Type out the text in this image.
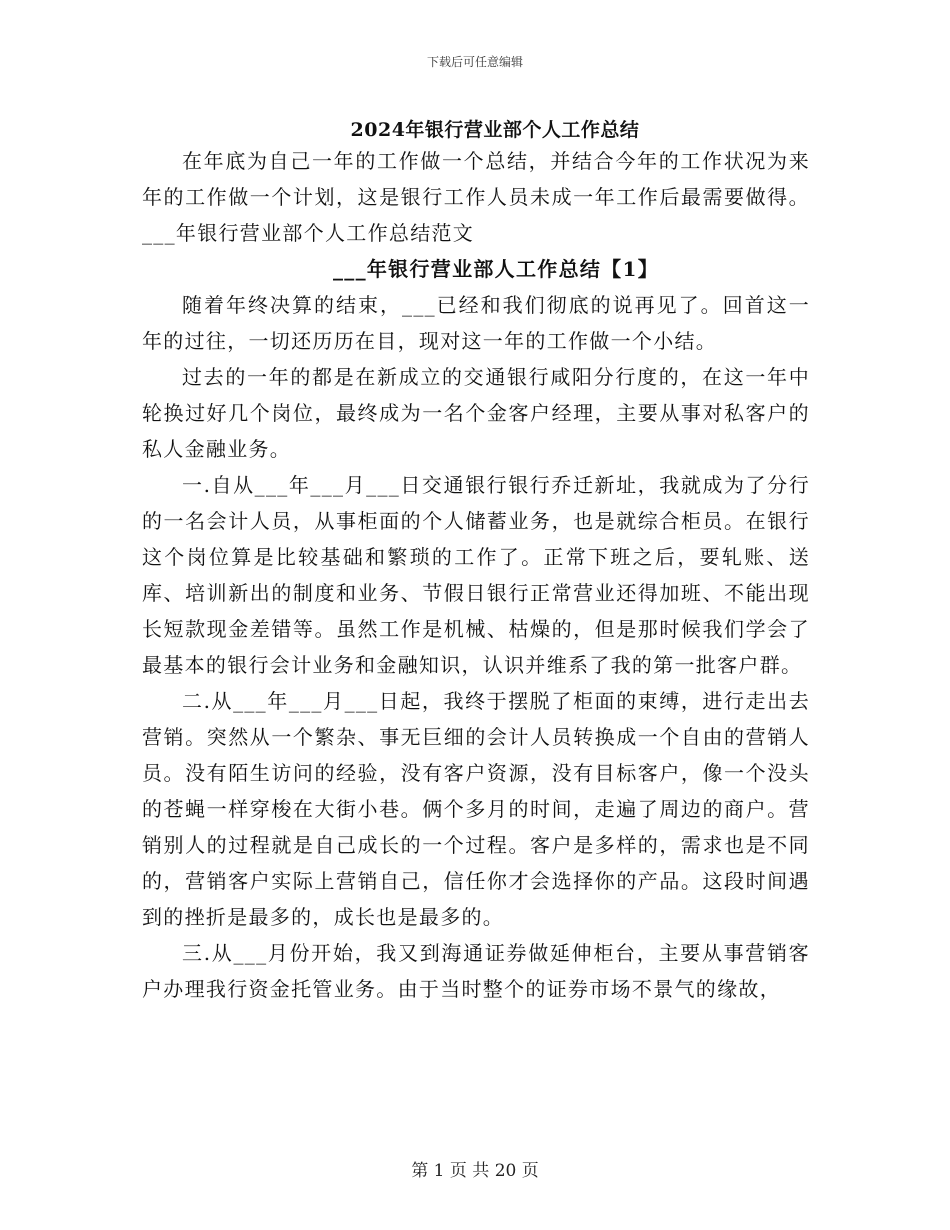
下载后可任意编辑
2024年银行营业部个人工作总结

在年底为自己一年的工作做一个总结，并结合今年的工作状况为来年的工作做一个计划，这是银行工作人员未成一年工作后最需要做得。___年银行营业部个人工作总结范文

___年银行营业部人工作总结【1】

随着年终决算的结束，___已经和我们彻底的说再见了。回首这一年的过往，一切还历历在目，现对这一年的工作做一个小结。

过去的一年的都是在新成立的交通银行咸阳分行度的，在这一年中轮换过好几个岗位，最终成为一名个金客户经理，主要从事对私客户的私人金融业务。

一.自从___年___月___日交通银行银行乔迁新址，我就成为了分行的一名会计人员，从事柜面的个人储蓄业务，也是就综合柜员。在银行这个岗位算是比较基础和繁琐的工作了。正常下班之后，要轧账、送库、培训新出的制度和业务、节假日银行正常营业还得加班、不能出现长短款现金差错等。虽然工作是机械、枯燥的，但是那时候我们学会了最基本的银行会计业务和金融知识，认识并维系了我的第一批客户群。

二.从___年___月___日起，我终于摆脱了柜面的束缚，进行走出去营销。突然从一个繁杂、事无巨细的会计人员转换成一个自由的营销人员。没有陌生访问的经验，没有客户资源，没有目标客户，像一个没头的苍蝇一样穿梭在大街小巷。俩个多月的时间，走遍了周边的商户。营销别人的过程就是自己成长的一个过程。客户是多样的，需求也是不同的，营销客户实际上营销自己，信任你才会选择你的产品。这段时间遇到的挫折是最多的，成长也是最多的。

三.从___月份开始，我又到海通证券做延伸柜台，主要从事营销客户办理我行资金托管业务。由于当时整个的证券市场不景气的缘故，

第 1 页 共 20 页
